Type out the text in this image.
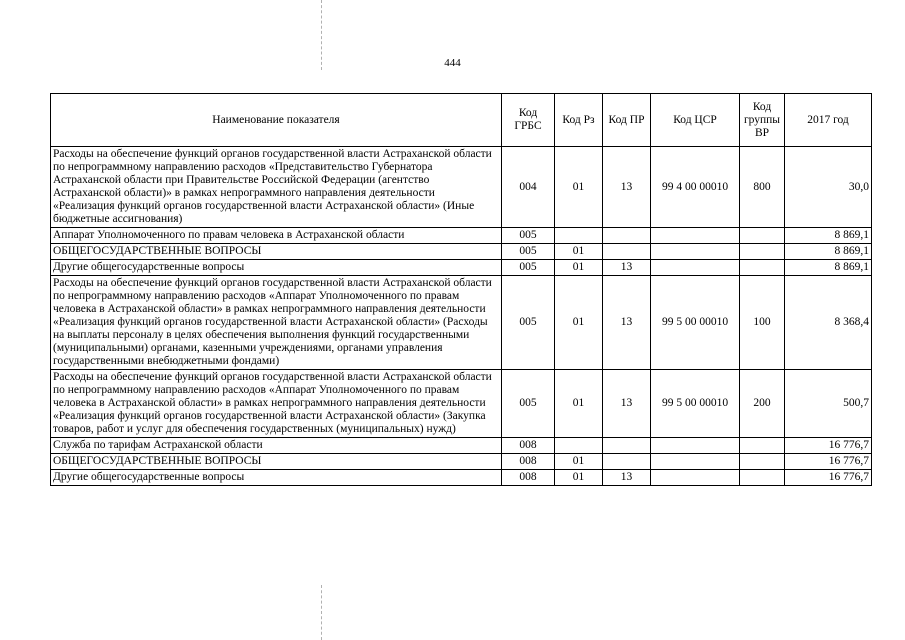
444
Наименование показателя	Код ГРБС	Код Рз	Код ПР	Код ЦСР	Код группы ВР	2017 год
Расходы на обеспечение функций органов государственной власти Астраханской области по непрограммному направлению расходов «Представительство Губернатора Астраханской области при Правительстве Российской Федерации (агентство Астраханской области)» в рамках непрограммного направления деятельности «Реализация функций органов государственной власти Астраханской области» (Иные бюджетные ассигнования)	004	01	13	99 4 00 00010	800	30,0
Аппарат Уполномоченного по правам человека в Астраханской области	005					8 869,1
ОБЩЕГОСУДАРСТВЕННЫЕ ВОПРОСЫ	005	01				8 869,1
Другие общегосударственные вопросы	005	01	13			8 869,1
Расходы на обеспечение функций органов государственной власти Астраханской области по непрограммному направлению расходов «Аппарат Уполномоченного по правам человека в Астраханской области» в рамках непрограммного направления деятельности «Реализация функций органов государственной власти Астраханской области» (Расходы на выплаты персоналу в целях обеспечения выполнения функций государственными (муниципальными) органами, казенными учреждениями, органами управления государственными внебюджетными фондами)	005	01	13	99 5 00 00010	100	8 368,4
Расходы на обеспечение функций органов государственной власти Астраханской области по непрограммному направлению расходов «Аппарат Уполномоченного по правам человека в Астраханской области» в рамках непрограммного направления деятельности «Реализация функций органов государственной власти Астраханской области» (Закупка товаров, работ и услуг для обеспечения государственных (муниципальных) нужд)	005	01	13	99 5 00 00010	200	500,7
Служба по тарифам Астраханской области	008					16 776,7
ОБЩЕГОСУДАРСТВЕННЫЕ ВОПРОСЫ	008	01				16 776,7
Другие общегосударственные вопросы	008	01	13			16 776,7
